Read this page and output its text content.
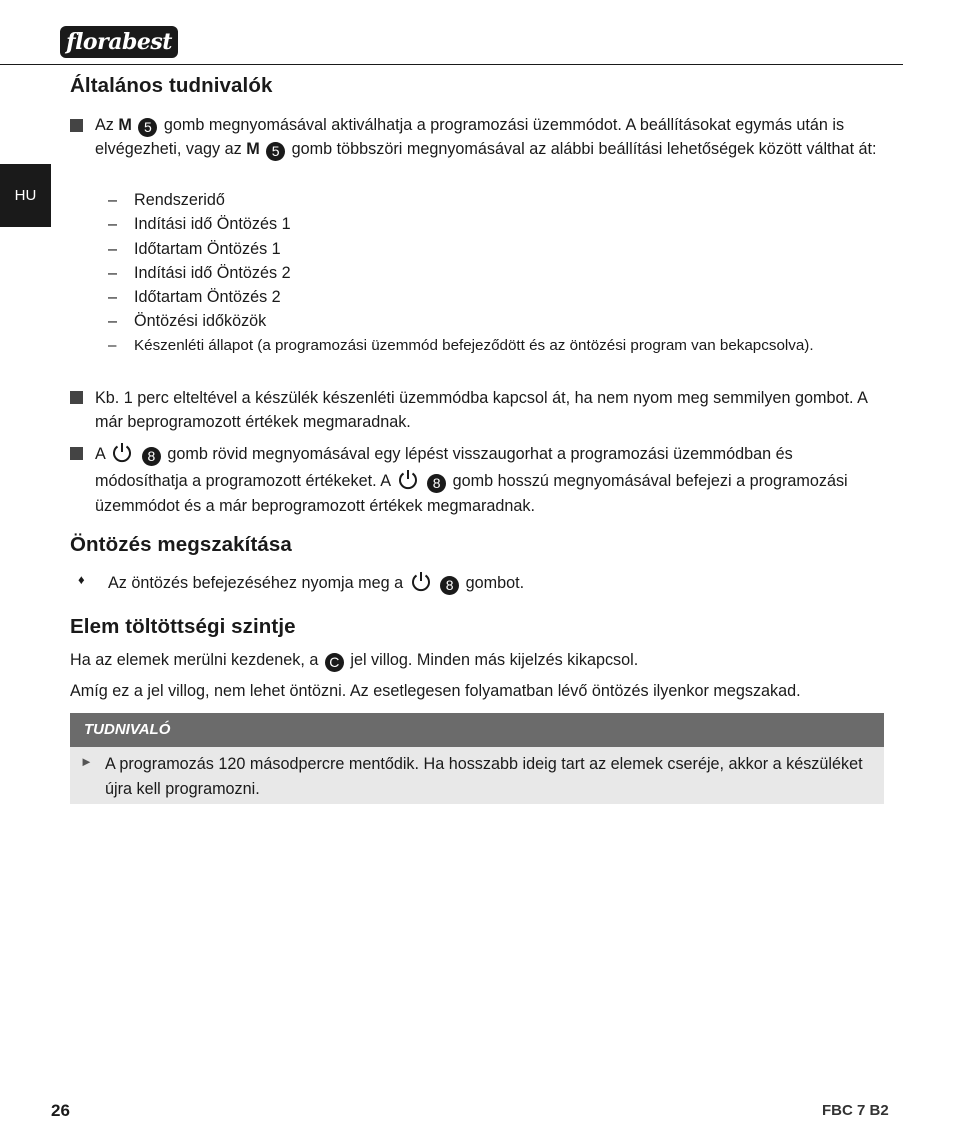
florabest
HU
Általános tudnivalók

Az M 5 gomb megnyomásával aktiválhatja a programozási üzemmódot. A beállításokat egymás után is elvégezheti, vagy az M 5 gomb többszöri megnyomásával az alábbi beállítási lehetőségek között válthat át:

– Rendszeridő
– Indítási idő Öntözés 1
– Időtartam Öntözés 1
– Indítási idő Öntözés 2
– Időtartam Öntözés 2
– Öntözési időközök
– Készenléti állapot (a programozási üzemmód befejeződött és az öntözési program van bekapcsolva).

Kb. 1 perc elteltével a készülék készenléti üzemmódba kapcsol át, ha nem nyom meg semmilyen gombot. A már beprogramozott értékek megmaradnak.

A	8 gomb rövid megnyomásával egy lépést visszaugorhat a programozási üzemmódban és módosíthatja a programozott értékeket. A	8 gomb hosszú megnyomásával befejezi a programozási üzemmódot és a már beprogramozott értékek megmaradnak.

Öntözés megszakítása
♦ Az öntözés befejezéséhez nyomja meg a	8 gombot.

Elem töltöttségi szintje

Ha az elemek merülni kezdenek, a C jel villog. Minden más kijelzés kikapcsol.

Amíg ez a jel villog, nem lehet öntözni. Az esetlegesen folyamatban lévő öntözés ilyenkor megszakad.

TUDNIVALÓ
► A programozás 120 másodpercre mentődik. Ha hosszabb ideig tart az elemek cseréje, akkor a készüléket újra kell programozni.
26	FBC 7 B2
